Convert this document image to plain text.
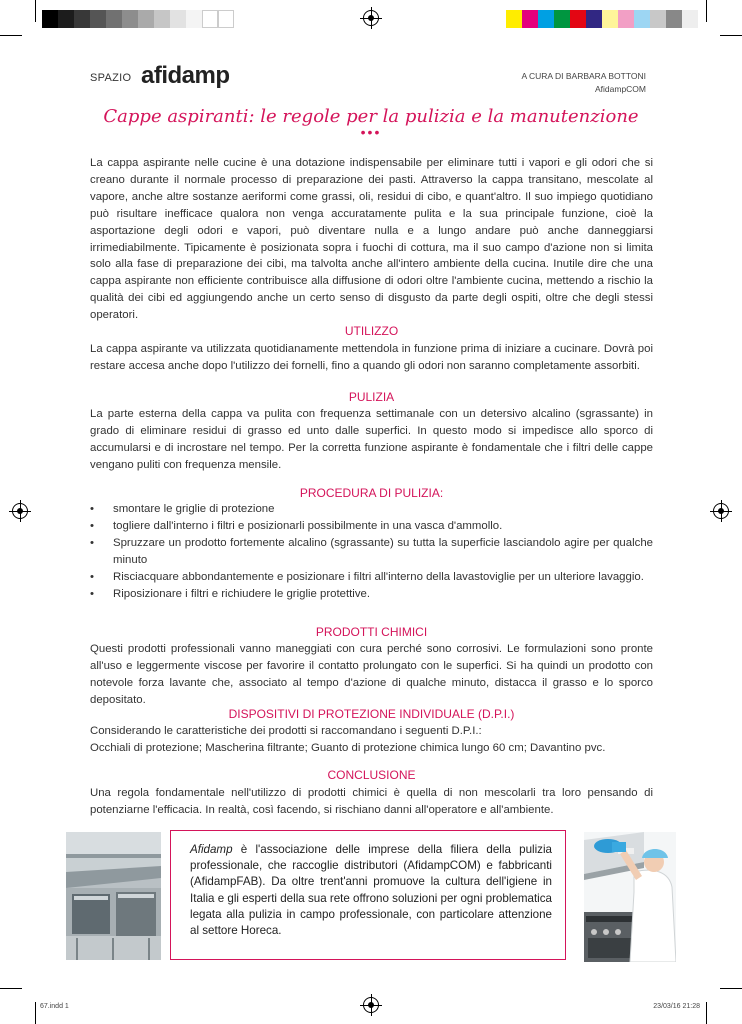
SPAZIO afidamp	A CURA DI BARBARA BOTTONI
AfidampCOM
Cappe aspiranti: le regole per la pulizia e la manutenzione
•••
La cappa aspirante nelle cucine è una dotazione indispensabile per eliminare tutti i vapori e gli odori che si creano durante il normale processo di preparazione dei pasti. Attraverso la cappa transitano, mescolate al vapore, anche altre sostanze aeriformi come grassi, oli, residui di cibo, e quant'altro. Il suo impiego quotidiano può risultare inefficace qualora non venga accuratamente pulita e la sua principale funzione, cioè la asportazione degli odori e vapori, può diventare nulla e a lungo andare può anche danneggiarsi irrimediabilmente. Tipicamente è posizionata sopra i fuochi di cottura, ma il suo campo d'azione non si limita solo alla fase di preparazione dei cibi, ma talvolta anche all'intero ambiente della cucina. Inutile dire che una cappa aspirante non efficiente contribuisce alla diffusione di odori oltre l'ambiente cucina, mettendo a rischio la qualità dei cibi ed aggiungendo anche un certo senso di disgusto da parte degli ospiti, oltre che degli stessi operatori.
UTILIZZO
La cappa aspirante va utilizzata quotidianamente mettendola in funzione prima di iniziare a cucinare. Dovrà poi restare accesa anche dopo l'utilizzo dei fornelli, fino a quando gli odori non saranno completamente assorbiti.
PULIZIA
La parte esterna della cappa va pulita con frequenza settimanale con un detersivo alcalino (sgrassante) in grado di eliminare residui di grasso ed unto dalle superfici. In questo modo si impedisce allo sporco di accumularsi e di incrostare nel tempo. Per la corretta funzione aspirante è fondamentale che i filtri delle cappe vengano puliti con frequenza mensile.
PROCEDURA DI PULIZIA:
• smontare le griglie di protezione
• togliere dall'interno i filtri e posizionarli possibilmente in una vasca d'ammollo.
• Spruzzare un prodotto fortemente alcalino (sgrassante) su tutta la superficie lasciandolo agire per qualche minuto
• Risciacquare abbondantemente e posizionare i filtri all'interno della lavastoviglie per un ulteriore lavaggio.
• Riposizionare i filtri e richiudere le griglie protettive.
PRODOTTI CHIMICI
Questi prodotti professionali vanno maneggiati con cura perché sono corrosivi. Le formulazioni sono pronte all'uso e leggermente viscose per favorire il contatto prolungato con le superfici. Si ha quindi un prodotto con notevole forza lavante che, associato al tempo d'azione di qualche minuto, distacca il grasso e lo sporco depositato.
DISPOSITIVI DI PROTEZIONE INDIVIDUALE (D.P.I.)
Considerando le caratteristiche dei prodotti si raccomandano i seguenti D.P.I.:
Occhiali di protezione; Mascherina filtrante; Guanto di protezione chimica lungo 60 cm; Davantino pvc.
CONCLUSIONE
Una regola fondamentale nell'utilizzo di prodotti chimici è quella di non mescolarli tra loro pensando di potenziarne l'efficacia. In realtà, così facendo, si rischiano danni all'operatore e all'ambiente.
Afidamp è l'associazione delle imprese della filiera della pulizia professionale, che raccoglie distributori (AfidampCOM) e fabbricanti (AfidampFAB). Da oltre trent'anni promuove la cultura dell'igiene in Italia e gli esperti della sua rete offrono soluzioni per ogni problematica legata alla pulizia in campo professionale, con particolare attenzione al settore Horeca.
67.indd 1	23/03/16 21:28
